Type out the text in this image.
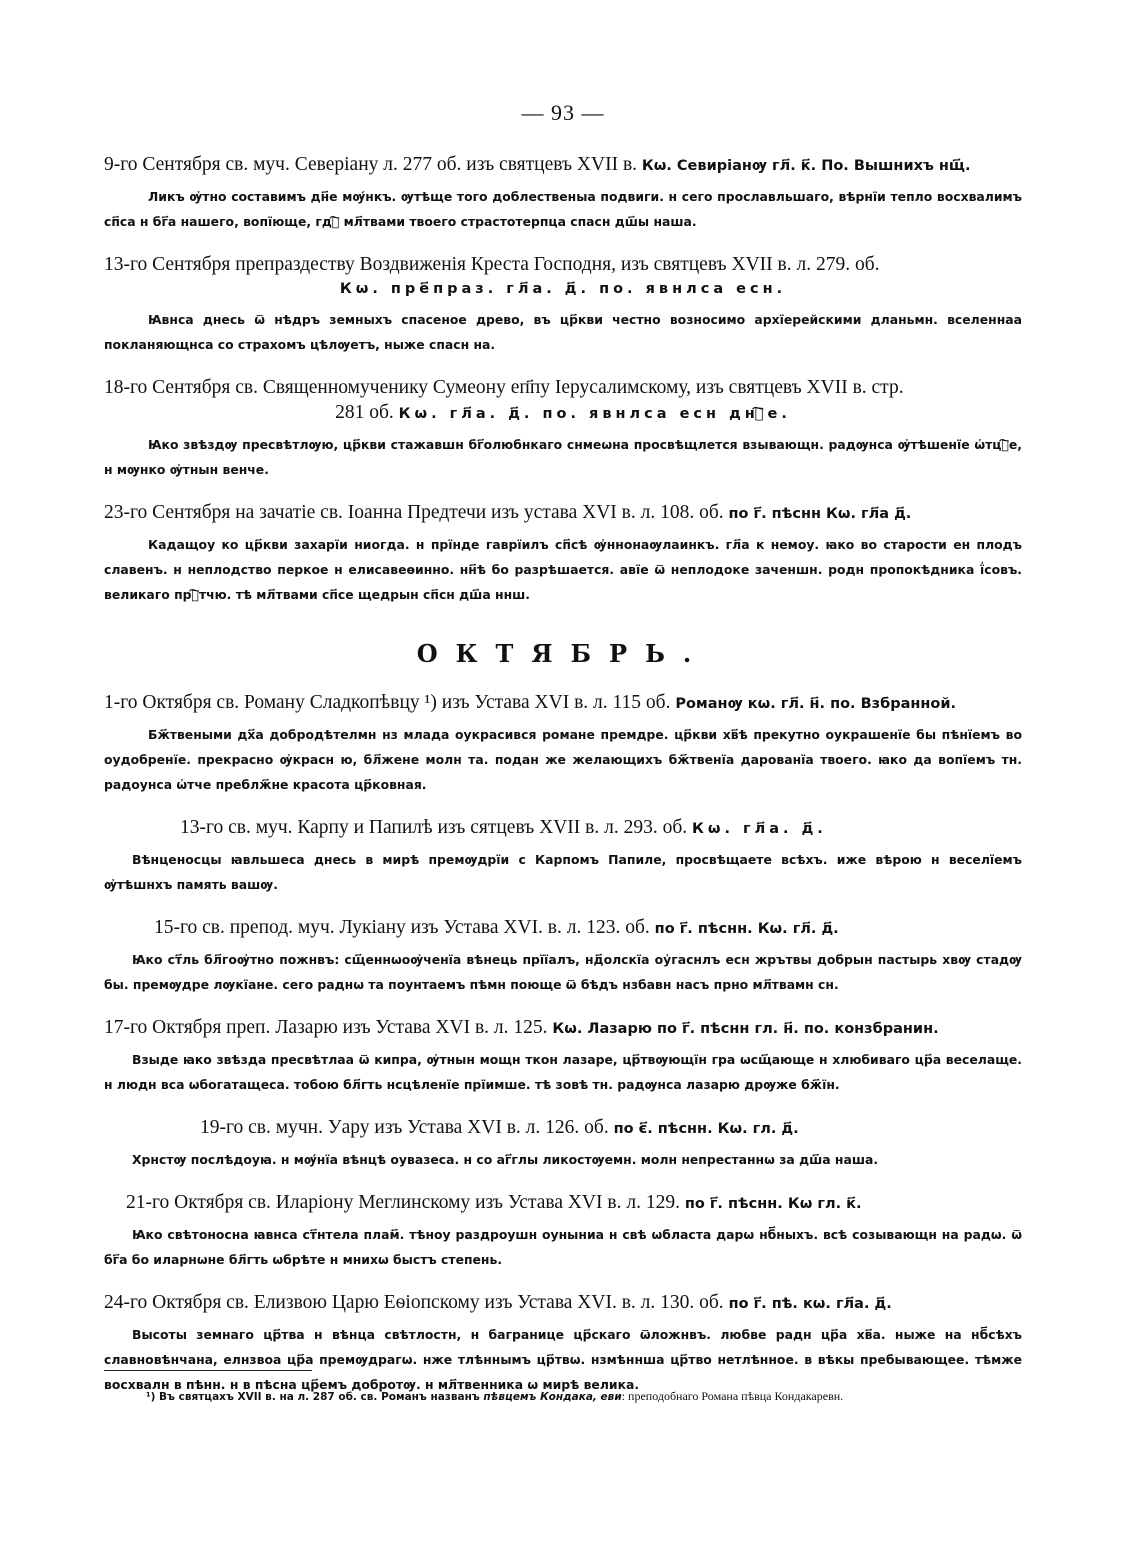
— 93 —

9-го Сентября св. муч. Северіану л. 277 об. изъ святцевъ XVII в. Кѡ. Севиріанѹ гл҃. к҃. По. Вышнихъ нщ҃.

Ликъ ѹ҆тно составимъ дн҃е мѹ́нкъ. ѹтѣще того доблественыа подвиги. н сего прославльшаго, вѣрнїи тепло восхвалимъ сп҃са н бг҃а нашего, вопїюще, гдⷭ҇ мл҃твами твоего страстотерпца спасн дш҃ы наша.

13-го Сентября препраздеству Воздвиженія Креста Господня, изъ святцевъ XVII в. л. 279. об.
Кѡ. пре҃праз. гл҃а. д҃. по. явнлса есн.

Ꙗвнса днесь ѿ нѣдръ земныхъ спасеное древо, въ цр҃кви честно возносимо архїерейскими дланьмн. вселеннаа покланяющнса со страхомъ цѣлѹетъ, ныже спасн на.

18-го Сентября св. Священномученику Сумеону еп҃пу Іерусалимскому, изъ святцевъ XVII в. стр.
281 об. Кѡ. гл҃а. д҃. по. явнлса есн днⷭ҇е.

Ꙗко звѣздѹ пресвѣтлѹю, цр҃кви стажавшн бг҃олюбнкаго снмеѡна просвѣщлется взывающн. радѹнса ѹ҆тѣшенїе ѡ҆тцⷭ҇е, н мѹнко ѹ҆тнын венче.

23-го Сентября на зачатіе св. Іоанна Предтечи изъ устава XVI в. л. 108. об. по г҃. пѣснн Кѡ. гл҃а д҃.

Кадащоу ко цр҃кви захарїи ниогда. н прїнде гаврїилъ сп҃сѣ ѹ҆ннонаѹлаинкъ. гл҃а к немоу. ꙗко во старости ен плодъ славенъ. н неплодство перкое н елисавеѳинно. нн҃ѣ бо разрѣшается. авїе ѿ неплодоке заченшн. родн пропокѣдника ї҆совъ. великаго прⷭ҇тчю. тѣ мл҃твами сп҃се щедрын сп҃сн дш҃а ннш.

ОКТЯБРЬ.

1-го Октября св. Роману Сладкопѣвцу ¹) изъ Устава XVI в. л. 115 об. Романѹ кѡ. гл҃. н҃. по. Взбранной.

Бж҃твеными дх҃а добродѣтелмн нз млада оукрасився романе премдре. цр҃кви хв҃ѣ прекутно оукрашенїе бы пѣнїемъ во оудобренїе. прекрасно ѹ҆красн ю, бл҃жене молн та. подан же желающихъ бж҃твенїа дарованїа твоего. ꙗко да вопїемъ тн. радоунса ѡ҆тче преблж҃не красота цр҃ковная.

13-го св. муч. Карпу и Папилѣ изъ сятцевъ XVII в. л. 293. об. Кѡ. гл҃а. д҃.

Вѣнценосцы ꙗвльшеса днесь в мирѣ премѹдрїи с Карпомъ Папиле, просвѣщаете всѣхъ. иже вѣрою н веселїемъ ѹ҆тѣшнхъ память вашѹ.

15-го св. препод. муч. Лукіану изъ Устава XVI. в. л. 123. об. по г҃. пѣснн. Кѡ. гл҃. д҃.

Ꙗко ст҃ль бл҃гоѹ҆тно пожнвъ: сщ҃еннѡоѹ҆ченїа вѣнець прїїалъ, нд҃олскїа оу҆гаснлъ есн жрътвы добрын пастырь хвѹ стадѹ бы. премѹдре лѹкїане. сего раднѡ та поунтаемъ пѣмн поюще ѿ бѣдъ нзбавн насъ прно мл҃твамн сн.

17-го Октября преп. Лазарю изъ Устава XVI в. л. 125. Кѡ. Лазарю по г҃. пѣснн гл. н҃. по. конзбранин.

Взыде ꙗко звѣзда пресвѣтлаа ѿ кипра, ѹ҆тнын мощн ткон лазаре, цр҃твѹющїн гра ѡсщ҃ающе н хлюбиваго цр҃а веселаще. н людн вса ѡбогатащеса. тобою бл҃гть нсцѣленїе прїимше. тѣ зовѣ тн. радѹнса лазарю дрѹже бж҃їн.

19-го св. мучн. Уару изъ Устава XVI в. л. 126. об. по є҃. пѣснн. Кѡ. гл. д҃.

Хрнстѹ послѣдоуꙗ. н мѹ́нїа вѣнцѣ оувазеса. н со аг҃глы ликостѹемн. молн непрестаннѡ за дш҃а наша.

21-го Октября св. Иларіону Меглинскому изъ Устава XVI в. л. 129. по г҃. пѣснн. Кѡ гл. к҃.

Ꙗко свѣтоносна ꙗвнса ст҃нтела плам҃. тѣноу раздроушн оуныниа н свѣ ѡбласта дарѡ нб҃ныхъ. всѣ созывающн на радѡ. ѿ бг҃а бо иларнѡне бл҃гть ѡбрѣте н мнихѡ быстъ степень.

24-го Октября св. Елизвою Царю Еѳіопскому изъ Устава XVI. в. л. 130. об. по г҃. пѣ. кѡ. гл҃а. д҃.

Высоты земнаго цр҃тва н вѣнца свѣтлостн, н багранице цр҃скаго ѿложнвъ. любве радн цр҃а хв҃а. ныже на нб҃сѣхъ славновѣнчана, елнзвоа цр҃а премѹдрагѡ. нже тлѣннымъ цр҃твѡ. нзмѣннша цр҃тво нетлѣнное. в вѣкы пребывающее. тѣмже восхвалн в пѣнн. н в пѣсна цр҃емъ добротѹ. н мл҃твенника ѡ мирѣ велика.

¹) Въ святцахъ XVII в. на л. 287 об. св. Романъ названъ пѣвцемъ Кондака, еви: преподобнаго Романа пѣвца Кондакаревн.
